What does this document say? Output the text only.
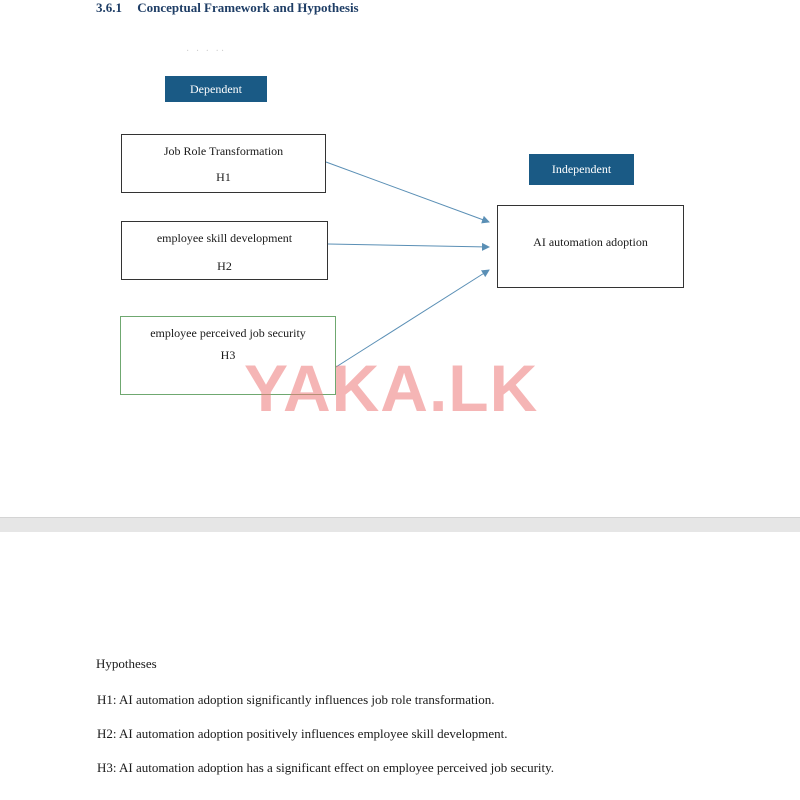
3.6.1 Conceptual Framework and Hypothesis
· · · ··
Dependent
Independent
Job Role Transformation
H1
employee skill development
H2
employee perceived job security
H3
AI automation adoption
YAKA.LK
Hypotheses
H1: AI automation adoption significantly influences job role transformation.
H2: AI automation adoption positively influences employee skill development.
H3: AI automation adoption has a significant effect on employee perceived job security.
